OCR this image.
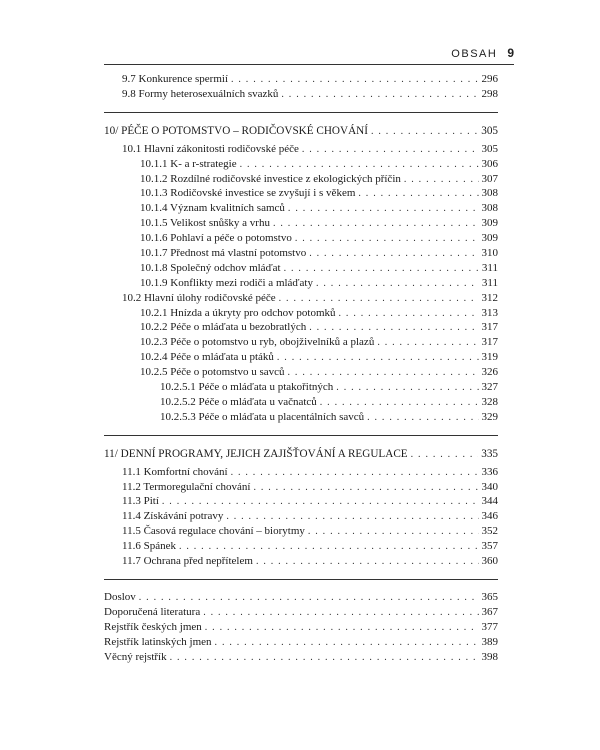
OBSAH 9
9.7 Konkurence spermií . . .	296
9.8 Formy heterosexuálních svazků . . .	298
10/ PÉČE O POTOMSTVO – RODIČOVSKÉ CHOVÁNÍ . . .	305
10.1 Hlavní zákonitosti rodičovské péče . . .	305
10.1.1 K- a r-strategie . . .	306
10.1.2 Rozdílné rodičovské investice z ekologických příčin . . .	307
10.1.3 Rodičovské investice se zvyšují i s věkem . . .	308
10.1.4 Význam kvalitních samců . . .	308
10.1.5 Velikost snůšky a vrhu . . .	309
10.1.6 Pohlaví a péče o potomstvo . . .	309
10.1.7 Přednost má vlastní potomstvo . . .	310
10.1.8 Společný odchov mláďat . . .	311
10.1.9 Konflikty mezi rodiči a mláďaty . . .	311
10.2 Hlavní úlohy rodičovské péče . . .	312
10.2.1 Hnízda a úkryty pro odchov potomků . . .	313
10.2.2 Péče o mláďata u bezobratlých . . .	317
10.2.3 Péče o potomstvo u ryb, obojživelníků a plazů . . .	317
10.2.4 Péče o mláďata u ptáků . . .	319
10.2.5 Péče o potomstvo u savců . . .	326
10.2.5.1 Péče o mláďata u ptakořitných . . .	327
10.2.5.2 Péče o mláďata u vačnatců . . .	328
10.2.5.3 Péče o mláďata u placentálních savců . . .	329
11/ DENNÍ PROGRAMY, JEJICH ZAJIŠŤOVÁNÍ A REGULACE . . .	335
11.1 Komfortní chování . . .	336
11.2 Termoregulační chování . . .	340
11.3 Pití . . .	344
11.4 Získávání potravy . . .	346
11.5 Časová regulace chování – biorytmy . . .	352
11.6 Spánek . . .	357
11.7 Ochrana před nepřítelem . . .	360
Doslov . . .	365
Doporučená literatura . . .	367
Rejstřík českých jmen . . .	377
Rejstřík latinských jmen . . .	389
Věcný rejstřík . . .	398
